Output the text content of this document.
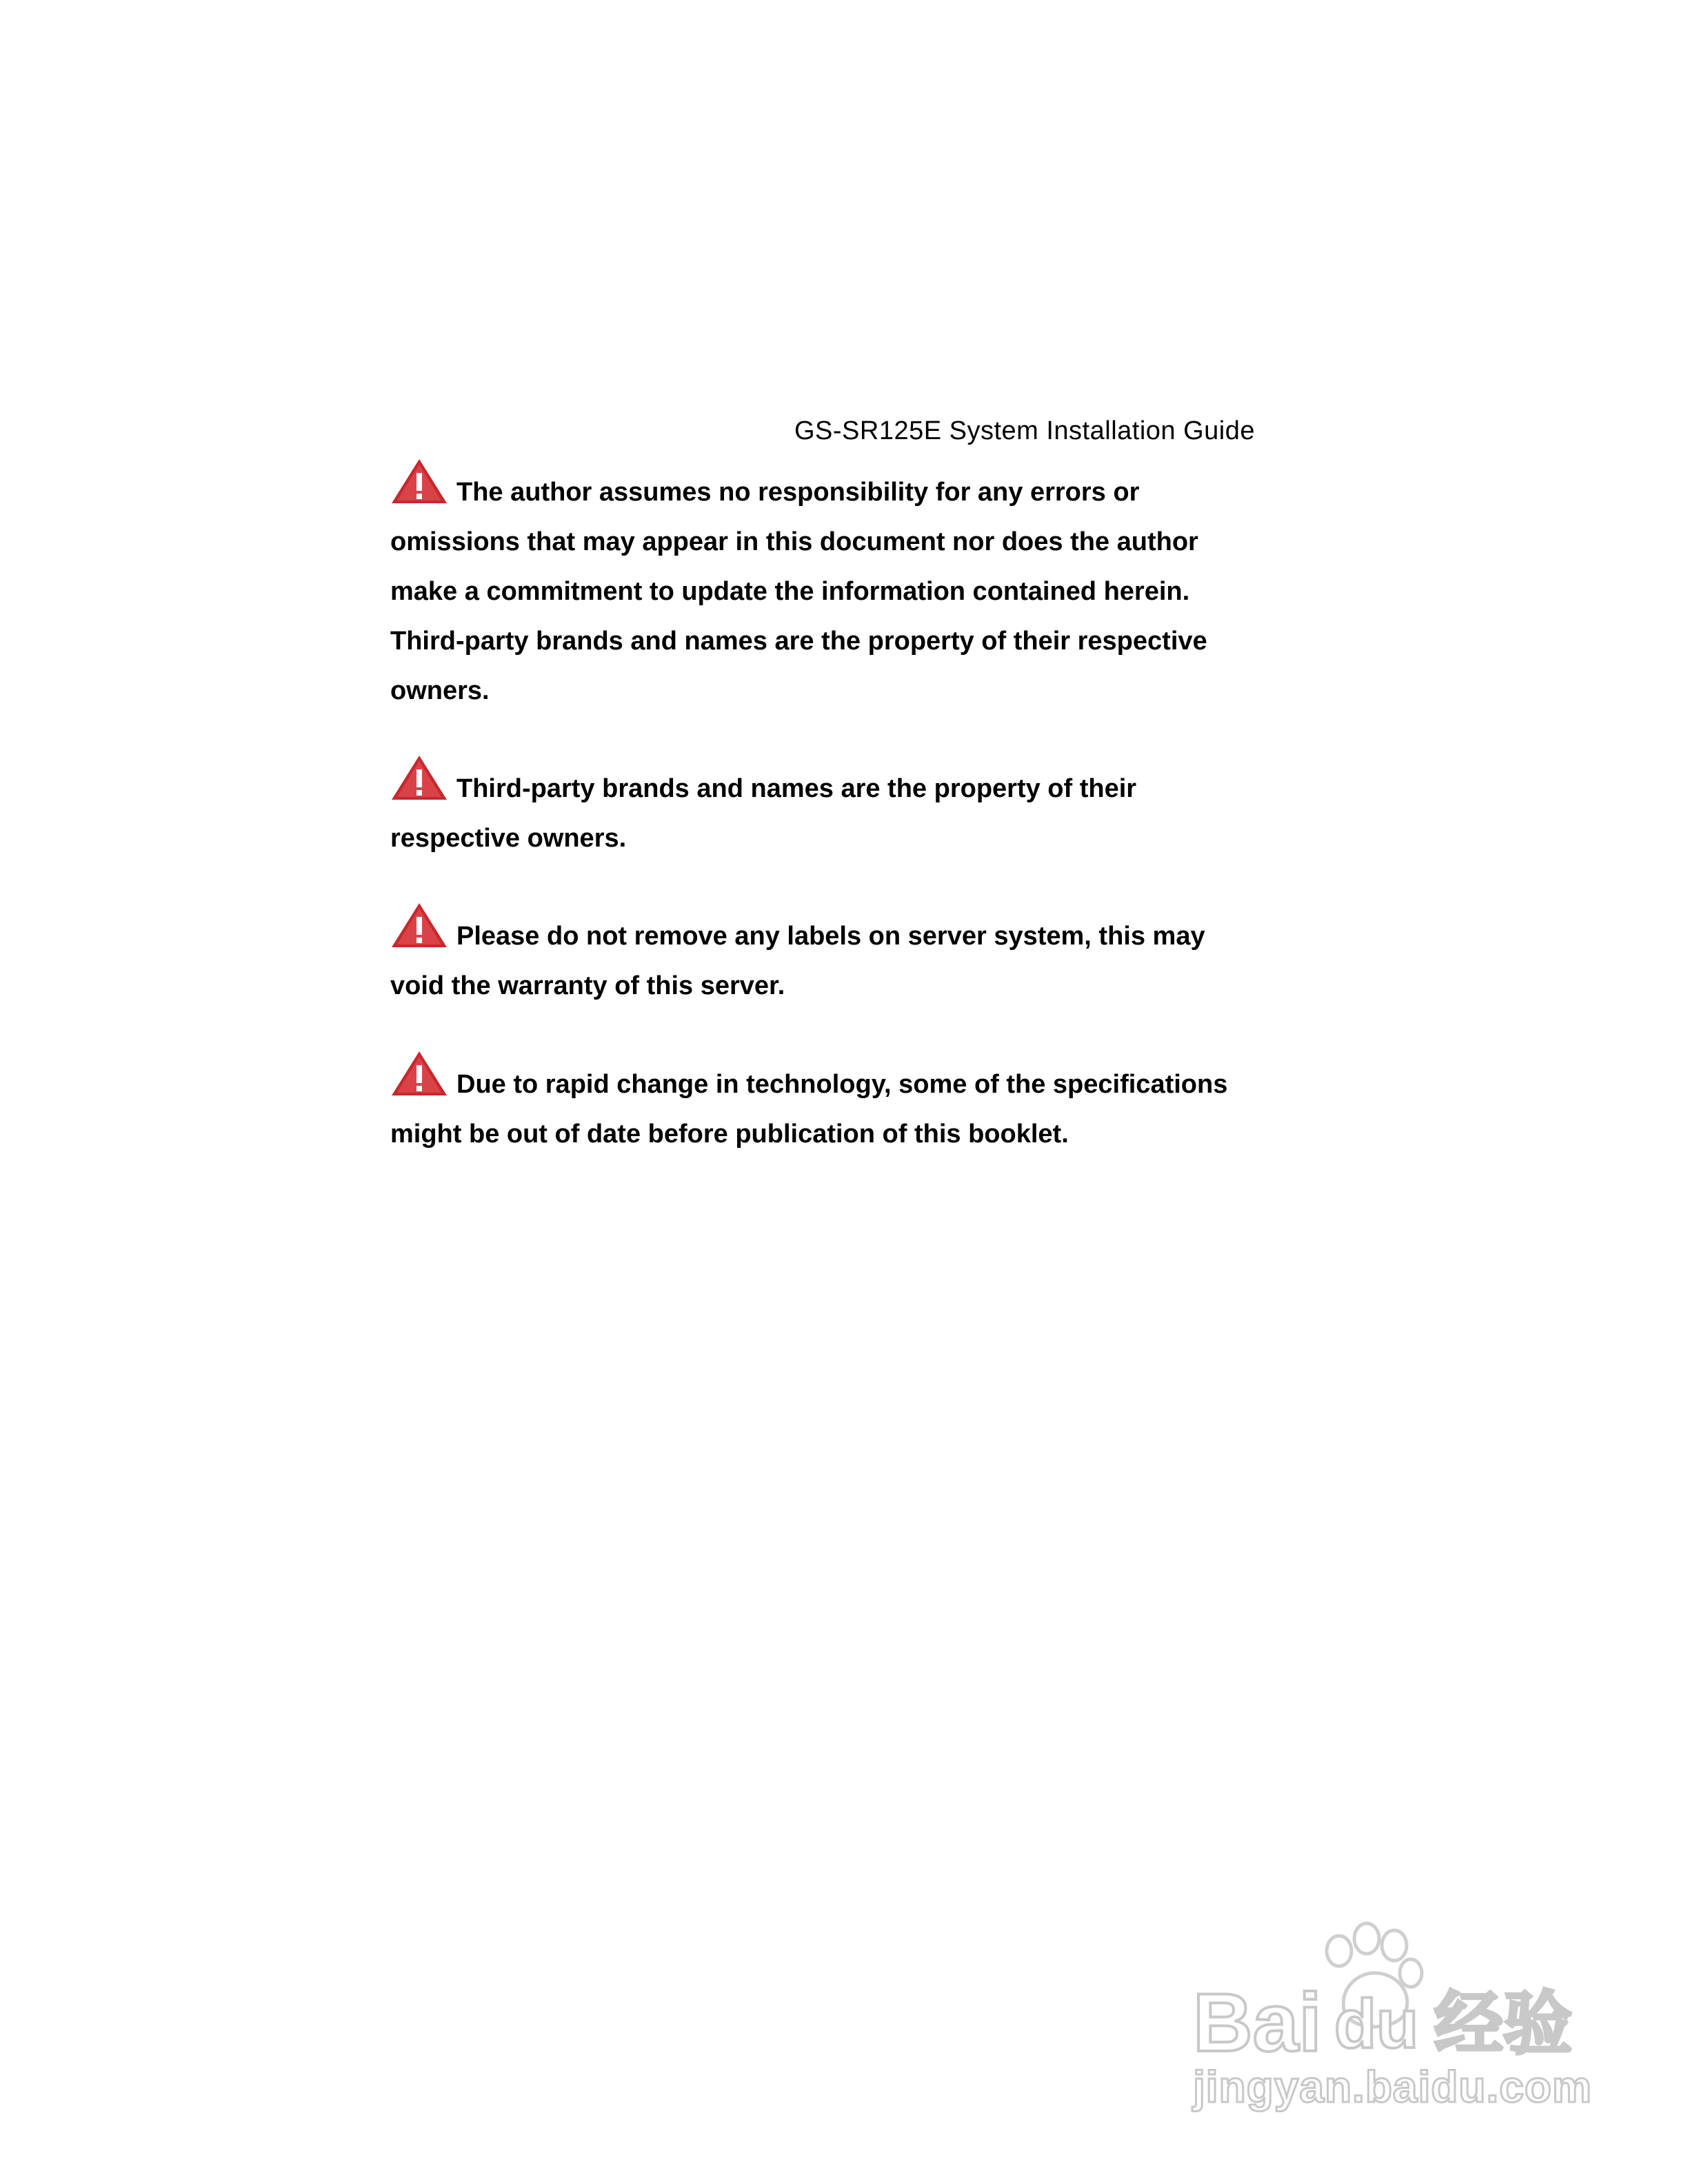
GS-SR125E System Installation Guide
The author assumes no responsibility for any errors or omissions that may appear in this document nor does the author make a commitment to update the information contained herein. Third-party brands and names are the property of their respective owners.
Third-party brands and names are the property of their respective owners.
Please do not remove any labels on server system, this may void the warranty of this server.
Due to rapid change in technology, some of the specifications might be out of date before publication of this booklet.
Bai du 经验
jingyan.baidu.com
